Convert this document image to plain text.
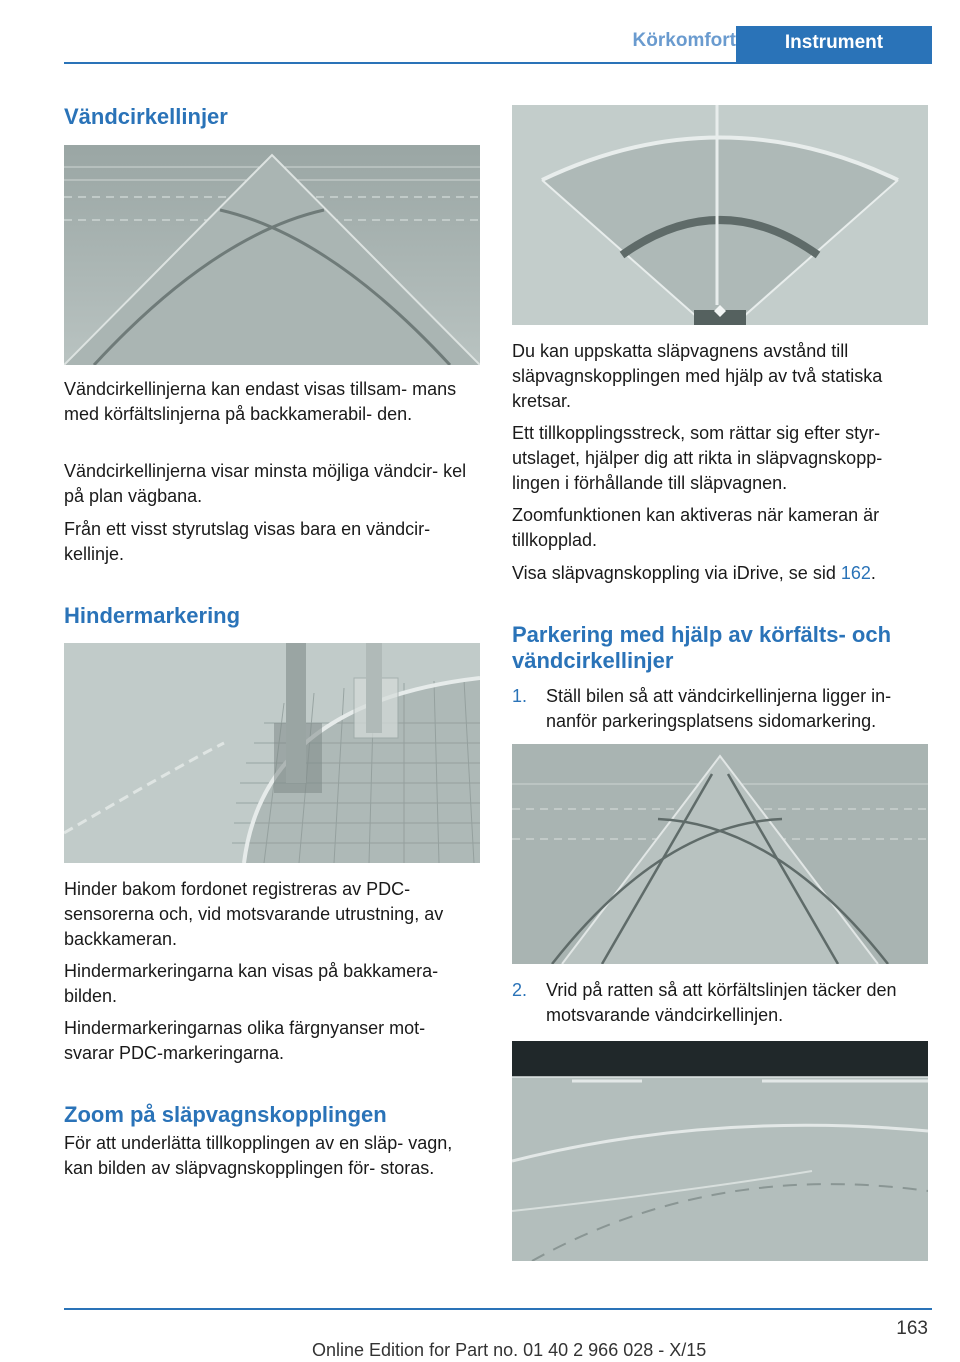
Körkomfort	Instrument
Vändcirkellinjer

Vändcirkellinjerna kan endast visas tillsam‐ mans med körfältslinjerna på backkamerabil‐ den.

Vändcirkellinjerna visar minsta möjliga vändcir‐ kel på plan vägbana.

Från ett visst styrutslag visas bara en vändcir‐ kellinje.

Hindermarkering

Hinder bakom fordonet registreras av PDC- sensorerna och, vid motsvarande utrustning, av backkameran.

Hindermarkeringarna kan visas på bakkamera‐ bilden.

Hindermarkeringarnas olika färgnyanser mot‐ svarar PDC-markeringarna.

Zoom på släpvagnskopplingen

För att underlätta tillkopplingen av en släp‐ vagn, kan bilden av släpvagnskopplingen för‐ storas.

Du kan uppskatta släpvagnens avstånd till släpvagnskopplingen med hjälp av två statiska kretsar.

Ett tillkopplingsstreck, som rättar sig efter styr‐ utslaget, hjälper dig att rikta in släpvagnskopp‐ lingen i förhållande till släpvagnen.

Zoomfunktionen kan aktiveras när kameran är tillkopplad.

Visa släpvagnskoppling via iDrive, se sid 162.

Parkering med hjälp av körfälts- och vändcirkellinjer
1. Ställ bilen så att vändcirkellinjerna ligger in‐ nanför parkeringsplatsens sidomarkering.

2. Vrid på ratten så att körfältslinjen täcker den motsvarande vändcirkellinjen.

163
Online Edition for Part no. 01 40 2 966 028 - X/15
